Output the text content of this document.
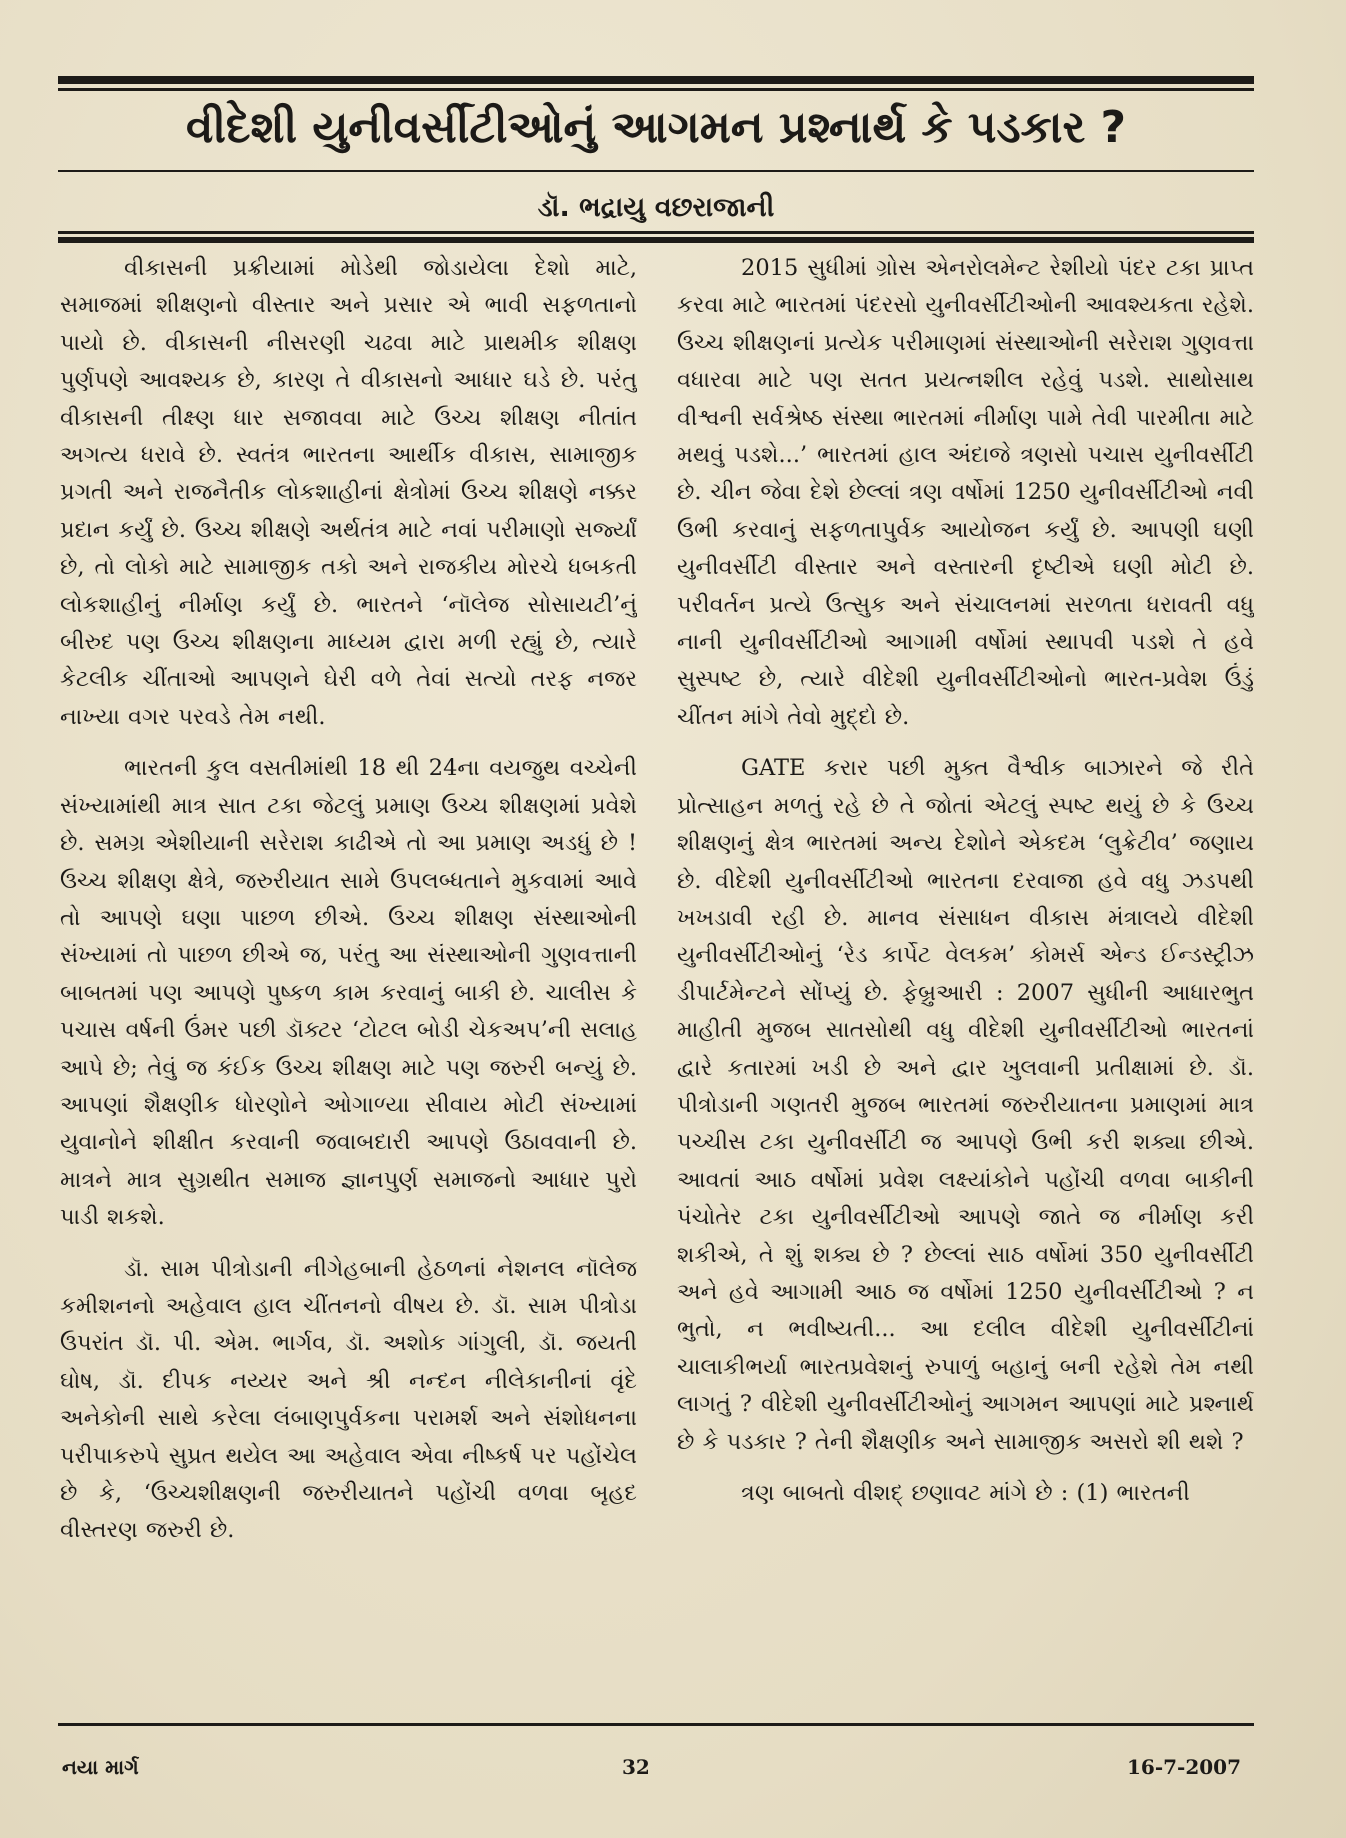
વીદેશી યુનીવર્સીટીઓનું આગમન પ્રશ્નાર્થ કે પડકાર ?
ડૉ. ભદ્રાયુ વછરાજાની

વીકાસની પ્રક્રીયામાં મોડેથી જોડાયેલા દેશો માટે, સમાજમાં શીક્ષણનો વીસ્તાર અને પ્રસાર એ ભાવી સફળતાનો પાયો છે. વીકાસની નીસરણી ચઢવા માટે પ્રાથમીક શીક્ષણ પુર્ણપણે આવશ્યક છે, કારણ તે વીકાસનો આધાર ઘડે છે. પરંતુ વીકાસની તીક્ષ્ણ ધાર સજાવવા માટે ઉચ્ચ શીક્ષણ નીતાંત અગત્ય ધરાવે છે. સ્વતંત્ર ભારતના આર્થીક વીકાસ, સામાજીક પ્રગતી અને રાજનૈતીક લોકશાહીનાં ક્ષેત્રોમાં ઉચ્ચ શીક્ષણે નક્કર પ્રદાન કર્યું છે. ઉચ્ચ શીક્ષણે અર્થતંત્ર માટે નવાં પરીમાણો સર્જ્યાં છે, તો લોકો માટે સામાજીક તકો અને રાજકીય મોરચે ધબકતી લોકશાહીનું નીર્માણ કર્યું છે. ભારતને ‘નૉલેજ સોસાયટી’નું બીરુદ પણ ઉચ્ચ શીક્ષણના માધ્યમ દ્વારા મળી રહ્યું છે, ત્યારે કેટલીક ચીંતાઓ આપણને ઘેરી વળે તેવાં સત્યો તરફ નજર નાખ્યા વગર પરવડે તેમ નથી.

ભારતની કુલ વસતીમાંથી 18 થી 24ના વયજુથ વચ્ચેની સંખ્યામાંથી માત્ર સાત ટકા જેટલું પ્રમાણ ઉચ્ચ શીક્ષણમાં પ્રવેશે છે. સમગ્ર એશીયાની સરેરાશ કાઢીએ તો આ પ્રમાણ અડધું છે ! ઉચ્ચ શીક્ષણ ક્ષેત્રે, જરુરીયાત સામે ઉપલબ્ધતાને મુકવામાં આવે તો આપણે ઘણા પાછળ છીએ. ઉચ્ચ શીક્ષણ સંસ્થાઓની સંખ્યામાં તો પાછળ છીએ જ, પરંતુ આ સંસ્થાઓની ગુણવત્તાની બાબતમાં પણ આપણે પુષ્કળ કામ કરવાનું બાકી છે. ચાલીસ કે પચાસ વર્ષની ઉંમર પછી ડૉક્ટર ‘ટોટલ બોડી ચેકઅપ’ની સલાહ આપે છે; તેવું જ કંઈક ઉચ્ચ શીક્ષણ માટે પણ જરુરી બન્યું છે. આપણાં શૈક્ષણીક ધોરણોને ઓગાળ્યા સીવાય મોટી સંખ્યામાં યુવાનોને શીક્ષીત કરવાની જવાબદારી આપણે ઉઠાવવાની છે. માત્રને માત્ર સુગ્રથીત સમાજ જ્ઞાનપુર્ણ સમાજનો આધાર પુરો પાડી શકશે.

ડૉ. સામ પીત્રોડાની નીગેહબાની હેઠળનાં નેશનલ નૉલેજ કમીશનનો અહેવાલ હાલ ચીંતનનો વીષય છે. ડૉ. સામ પીત્રોડા ઉપરાંત ડૉ. પી. એમ. ભાર્ગવ, ડૉ. અશોક ગાંગુલી, ડૉ. જયતી ઘોષ, ડૉ. દીપક નય્યર અને શ્રી નન્દન નીલેકાનીનાં વૃંદે અનેકોની સાથે કરેલા લંબાણપુર્વકના પરામર્શ અને સંશોધનના પરીપાકરુપે સુપ્રત થયેલ આ અહેવાલ એવા નીષ્કર્ષ પર પહોંચેલ છે કે, ‘ઉચ્ચશીક્ષણની જરુરીયાતને પહોંચી વળવા બૃહદ વીસ્તરણ જરુરી છે.

2015 સુધીમાં ગ્રોસ એનરોલમેન્ટ રેશીયો પંદર ટકા પ્રાપ્ત કરવા માટે ભારતમાં પંદરસો યુનીવર્સીટીઓની આવશ્યકતા રહેશે. ઉચ્ચ શીક્ષણનાં પ્રત્યેક પરીમાણમાં સંસ્થાઓની સરેરાશ ગુણવત્તા વધારવા માટે પણ સતત પ્રયત્નશીલ રહેવું પડશે. સાથોસાથ વીશ્વની સર્વશ્રેષ્ઠ સંસ્થા ભારતમાં નીર્માણ પામે તેવી પારમીતા માટે મથવું પડશે...’ ભારતમાં હાલ અંદાજે ત્રણસો પચાસ યુનીવર્સીટી છે. ચીન જેવા દેશે છેલ્લાં ત્રણ વર્ષોમાં 1250 યુનીવર્સીટીઓ નવી ઉભી કરવાનું સફળતાપુર્વક આયોજન કર્યું છે. આપણી ઘણી યુનીવર્સીટી વીસ્તાર અને વસ્તારની દૃષ્ટીએ ઘણી મોટી છે. પરીવર્તન પ્રત્યે ઉત્સુક અને સંચાલનમાં સરળતા ધરાવતી વધુ નાની યુનીવર્સીટીઓ આગામી વર્ષોમાં સ્થાપવી પડશે તે હવે સુસ્પષ્ટ છે, ત્યારે વીદેશી યુનીવર્સીટીઓનો ભારત-પ્રવેશ ઉંડું ચીંતન માંગે તેવો મુદ્દો છે.

GATE કરાર પછી મુક્ત વૈશ્વીક બાઝારને જે રીતે પ્રોત્સાહન મળતું રહે છે તે જોતાં એટલું સ્પષ્ટ થયું છે કે ઉચ્ચ શીક્ષણનું ક્ષેત્ર ભારતમાં અન્ય દેશોને એકદમ ‘લુક્રેટીવ’ જણાય છે. વીદેશી યુનીવર્સીટીઓ ભારતના દરવાજા હવે વધુ ઝડપથી ખખડાવી રહી છે. માનવ સંસાધન વીકાસ મંત્રાલયે વીદેશી યુનીવર્સીટીઓનું ‘રેડ કાર્પેટ વેલકમ’ કોમર્સ એન્ડ ઈન્ડસ્ટ્રીઝ ડીપાર્ટમેન્ટને સોંપ્યું છે. ફેબ્રુઆરી : 2007 સુધીની આધારભુત માહીતી મુજબ સાતસોથી વધુ વીદેશી યુનીવર્સીટીઓ ભારતનાં દ્વારે કતારમાં ખડી છે અને દ્વાર ખુલવાની પ્રતીક્ષામાં છે. ડૉ. પીત્રોડાની ગણતરી મુજબ ભારતમાં જરુરીયાતના પ્રમાણમાં માત્ર પચ્ચીસ ટકા યુનીવર્સીટી જ આપણે ઉભી કરી શક્યા છીએ. આવતાં આઠ વર્ષોમાં પ્રવેશ લક્ષ્યાંકોને પહોંચી વળવા બાકીની પંચોતેર ટકા યુનીવર્સીટીઓ આપણે જાતે જ નીર્માણ કરી શકીએ, તે શું શક્ય છે ? છેલ્લાં સાઠ વર્ષોમાં 350 યુનીવર્સીટી અને હવે આગામી આઠ જ વર્ષોમાં 1250 યુનીવર્સીટીઓ ? ન ભુતો, ન ભવીષ્યતી... આ દલીલ વીદેશી યુનીવર્સીટીનાં ચાલાકીભર્યા ભારતપ્રવેશનું રુપાળું બહાનું બની રહેશે તેમ નથી લાગતું ? વીદેશી યુનીવર્સીટીઓનું આગમન આપણાં માટે પ્રશ્નાર્થ છે કે પડકાર ? તેની શૈક્ષણીક અને સામાજીક અસરો શી થશે ?

ત્રણ બાબતો વીશદ્ છણાવટ માંગે છે : (1) ભારતની

નયા માર્ગ	32	16-7-2007
